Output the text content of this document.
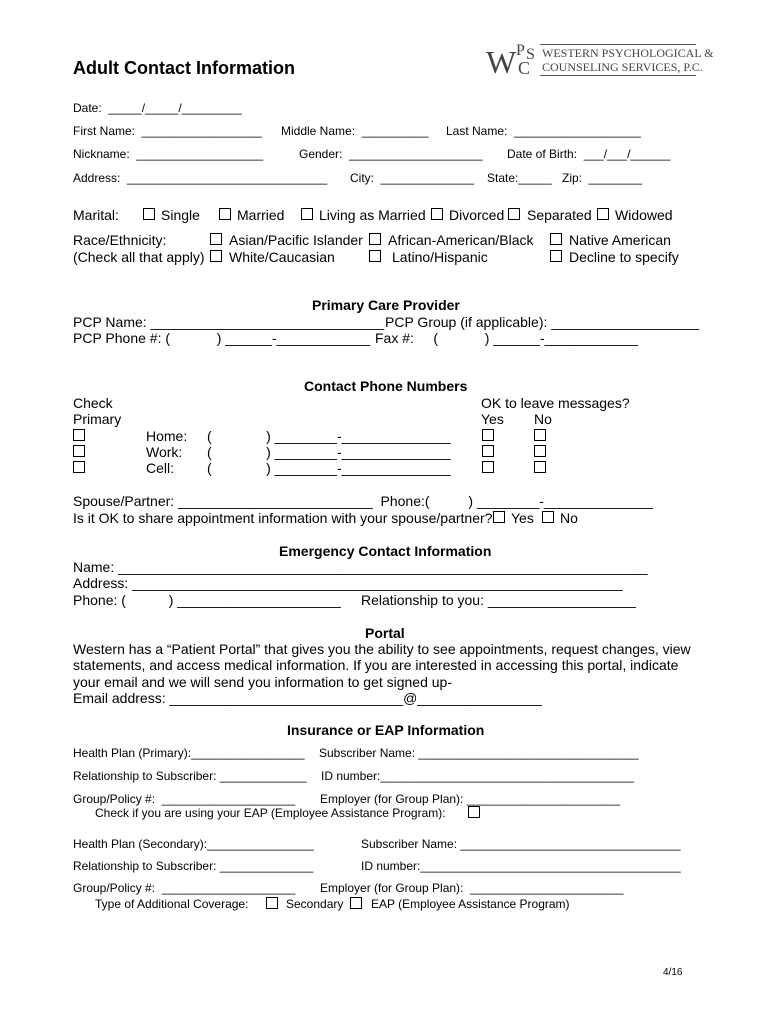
Adult Contact Information	W P S
C
WESTERN PSYCHOLOGICAL &
COUNSELING SERVICES, P.C.
Date:  _____/_____/_________
First Name:  __________________ Middle Name:  __________ Last Name:  ___________________
Nickname:  ___________________	Gender:  ____________________ Date of Birth:  ___/___/______
Address:  ______________________________ City:  ______________ State:_____ Zip:  ________
Marital:	Single	Married Living as Married Divorced Separated Widowed
Race/Ethnicity:
(Check all that apply)
Asian/Pacific Islander African-American/Black	Native American
White/Caucasian	Latino/Hispanic	Decline to specify
Primary Care Provider
PCP Name: ______________________________ PCP Group (if applicable): ___________________
PCP Phone #: (            ) ______-____________ Fax #:     (            ) ______-____________
Contact Phone Numbers
Check
Primary
OK to leave messages?
Yes No
Home: (              ) ________-______________
Work: (              ) ________-______________
Cell: (              ) ________-______________
Spouse/Partner: _________________________  Phone:(          ) ________-______________
Is it OK to share appointment information with your spouse/partner? Yes No
Emergency Contact Information
Name: ____________________________________________________________________
Address: _______________________________________________________________
Phone: (           ) _____________________ Relationship to you: ___________________
Portal
Western has a “Patient Portal” that gives you the ability to see appointments, request changes, view
statements, and access medical information. If you are interested in accessing this portal, indicate
your email and we will send you information to get signed up-
Email address: ______________________________@________________
Insurance or EAP Information
Health Plan (Primary):_________________ Subscriber Name: _________________________________
Relationship to Subscriber: _____________ ID number:______________________________________
Group/Policy #:  ____________________ Employer (for Group Plan): _______________________
Check if you are using your EAP (Employee Assistance Program):
Health Plan (Secondary):________________	Subscriber Name: _________________________________
Relationship to Subscriber: ______________	ID number:_______________________________________
Group/Policy #:  ____________________ Employer (for Group Plan):  _______________________
Type of Additional Coverage:	Secondary EAP (Employee Assistance Program)
4/16
